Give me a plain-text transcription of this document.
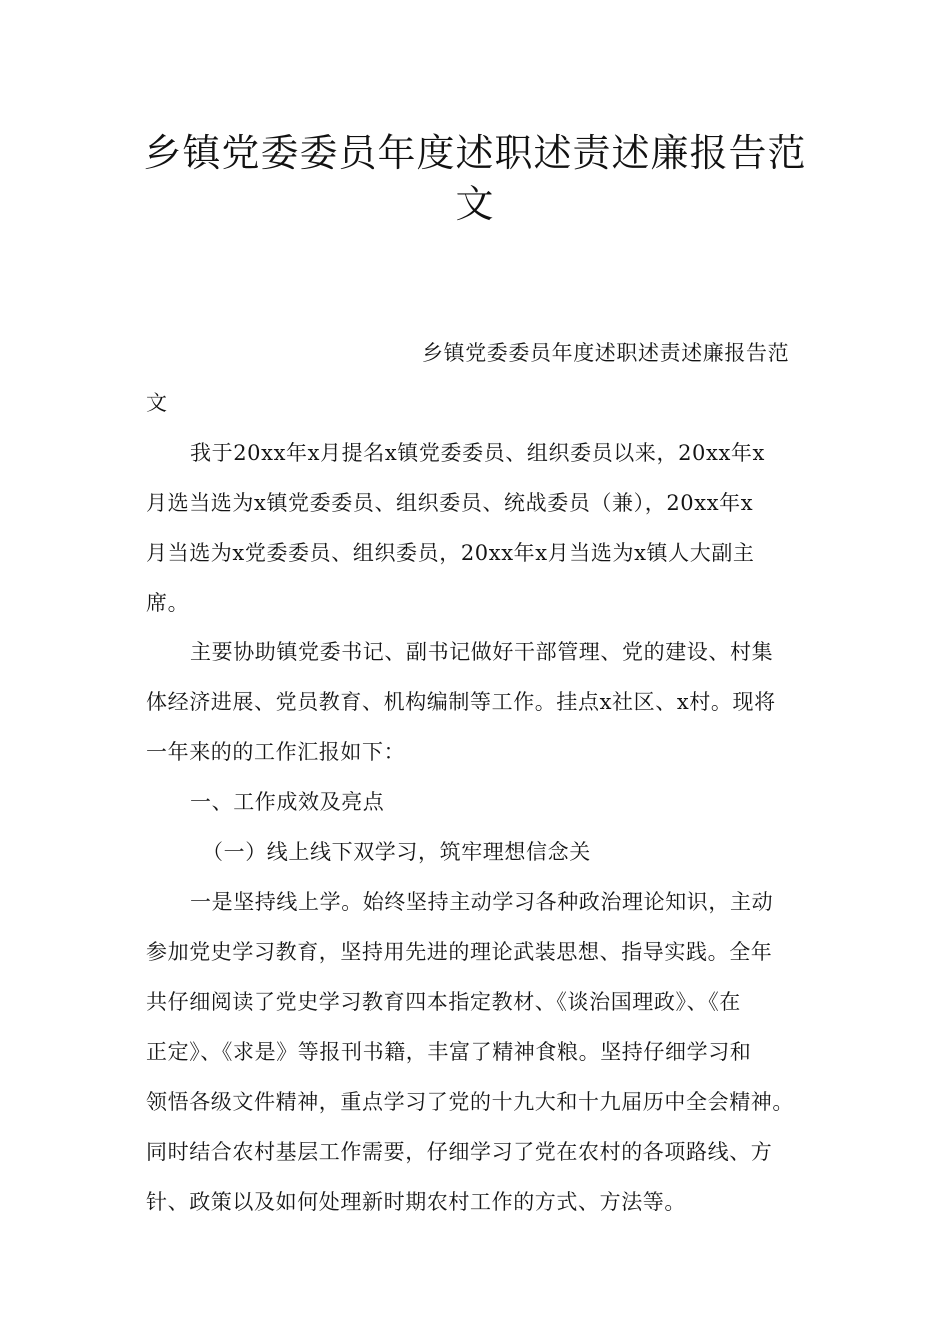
乡镇党委委员年度述职述责述廉报告范
文

乡镇党委委员年度述职述责述廉报告范

文

我于20xx年x月提名x镇党委委员、组织委员以来，20xx年x

月选当选为x镇党委委员、组织委员、统战委员（兼），20xx年x

月当选为x党委委员、组织委员，20xx年x月当选为x镇人大副主

席。

主要协助镇党委书记、副书记做好干部管理、党的建设、村集

体经济进展、党员教育、机构编制等工作。挂点x社区、x村。现将

一年来的的工作汇报如下：

一、工作成效及亮点

（一）线上线下双学习，筑牢理想信念关

一是坚持线上学。始终坚持主动学习各种政治理论知识，主动

参加党史学习教育，坚持用先进的理论武装思想、指导实践。全年

共仔细阅读了党史学习教育四本指定教材、《谈治国理政》、《在

正定》、《求是》等报刊书籍，丰富了精神食粮。坚持仔细学习和

领悟各级文件精神，重点学习了党的十九大和十九届历中全会精神。

同时结合农村基层工作需要，仔细学习了党在农村的各项路线、方

针、政策以及如何处理新时期农村工作的方式、方法等。
